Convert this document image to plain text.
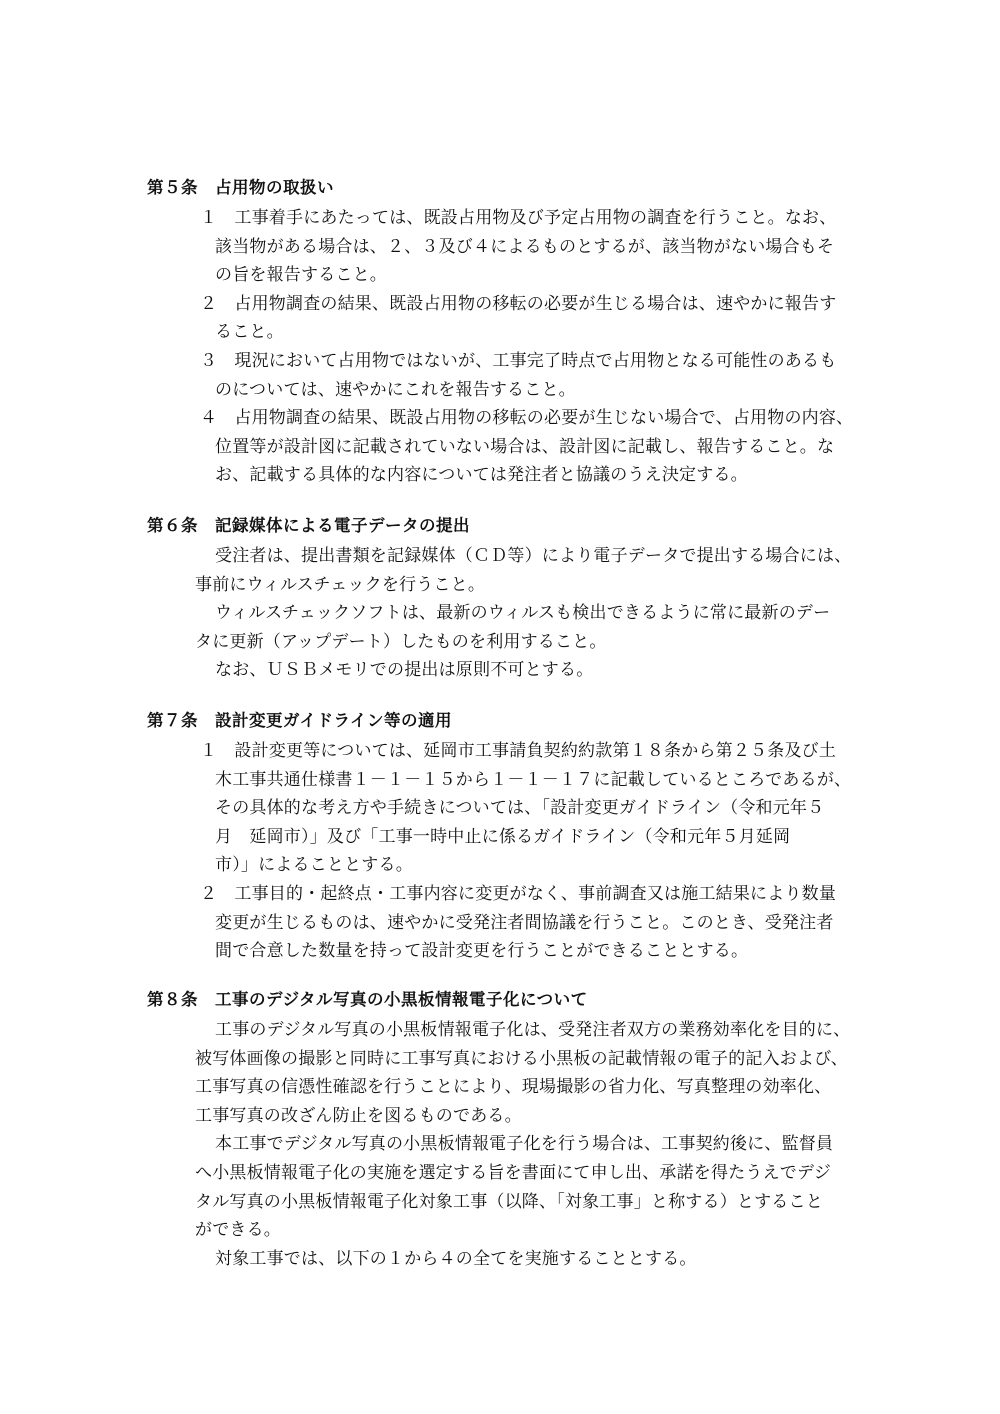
第５条　占用物の取扱い
１　工事着手にあたっては、既設占用物及び予定占用物の調査を行うこと。なお、
該当物がある場合は、２、３及び４によるものとするが、該当物がない場合もそ
の旨を報告すること。
２　占用物調査の結果、既設占用物の移転の必要が生じる場合は、速やかに報告す
ること。
３　現況において占用物ではないが、工事完了時点で占用物となる可能性のあるも
のについては、速やかにこれを報告すること。
４　占用物調査の結果、既設占用物の移転の必要が生じない場合で、占用物の内容、
位置等が設計図に記載されていない場合は、設計図に記載し、報告すること。な
お、記載する具体的な内容については発注者と協議のうえ決定する。
第６条　記録媒体による電子データの提出
受注者は、提出書類を記録媒体（ＣＤ等）により電子データで提出する場合には、
事前にウィルスチェックを行うこと。
ウィルスチェックソフトは、最新のウィルスも検出できるように常に最新のデー
タに更新（アップデート）したものを利用すること。
なお、ＵＳＢメモリでの提出は原則不可とする。
第７条　設計変更ガイドライン等の適用
１　設計変更等については、延岡市工事請負契約約款第１８条から第２５条及び土
木工事共通仕様書１－１－１５から１－１－１７に記載しているところであるが、
その具体的な考え方や手続きについては、「設計変更ガイドライン（令和元年５
月　延岡市）」及び「工事一時中止に係るガイドライン（令和元年５月延岡
市）」によることとする。
２　工事目的・起終点・工事内容に変更がなく、事前調査又は施工結果により数量
変更が生じるものは、速やかに受発注者間協議を行うこと。このとき、受発注者
間で合意した数量を持って設計変更を行うことができることとする。
第８条　工事のデジタル写真の小黒板情報電子化について
工事のデジタル写真の小黒板情報電子化は、受発注者双方の業務効率化を目的に、
被写体画像の撮影と同時に工事写真における小黒板の記載情報の電子的記入および、
工事写真の信憑性確認を行うことにより、現場撮影の省力化、写真整理の効率化、
工事写真の改ざん防止を図るものである。
本工事でデジタル写真の小黒板情報電子化を行う場合は、工事契約後に、監督員
へ小黒板情報電子化の実施を選定する旨を書面にて申し出、承諾を得たうえでデジ
タル写真の小黒板情報電子化対象工事（以降、「対象工事」と称する）とすること
ができる。
対象工事では、以下の１から４の全てを実施することとする。
